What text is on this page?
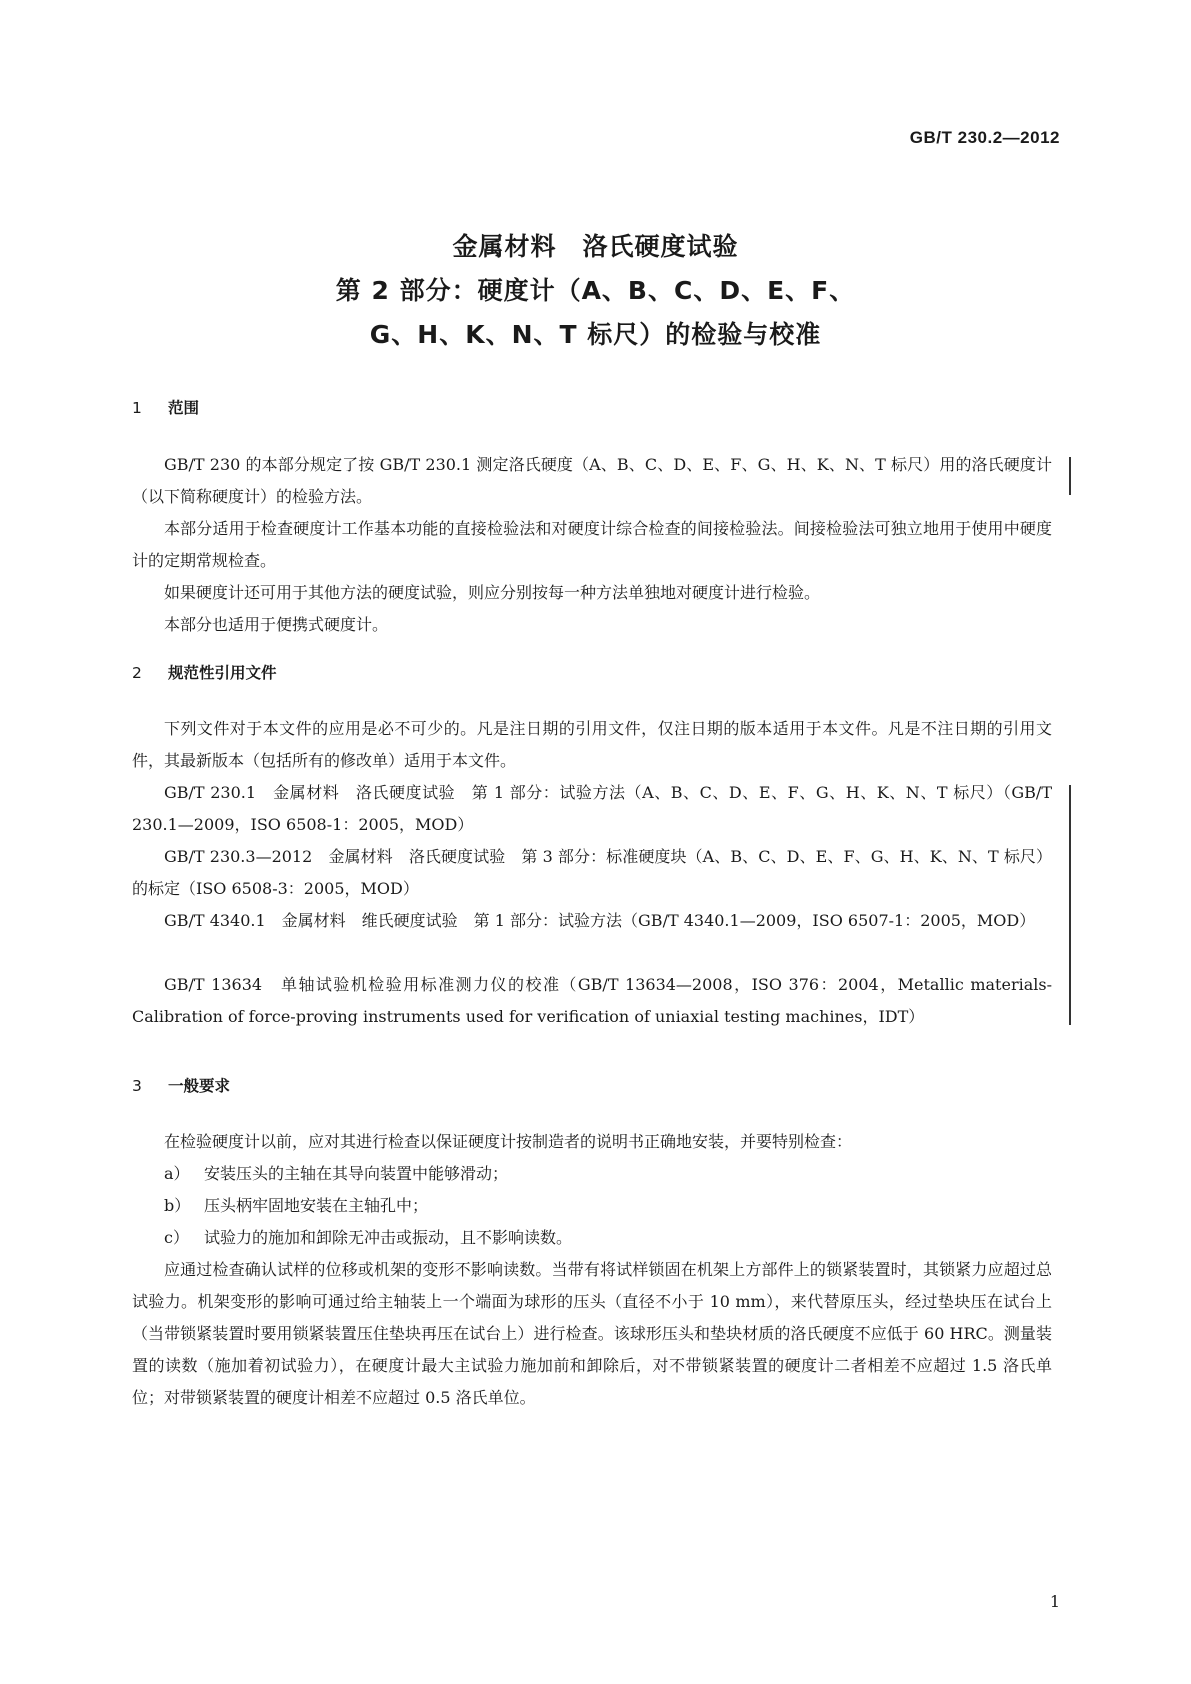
GB/T 230.2—2012
金属材料　洛氏硬度试验
第 2 部分：硬度计（A、B、C、D、E、F、
G、H、K、N、T 标尺）的检验与校准
1 范围
GB/T 230 的本部分规定了按 GB/T 230.1 测定洛氏硬度（A、B、C、D、E、F、G、H、K、N、T 标尺）用的洛氏硬度计（以下简称硬度计）的检验方法。
本部分适用于检查硬度计工作基本功能的直接检验法和对硬度计综合检查的间接检验法。间接检验法可独立地用于使用中硬度计的定期常规检查。
如果硬度计还可用于其他方法的硬度试验，则应分别按每一种方法单独地对硬度计进行检验。
本部分也适用于便携式硬度计。
2 规范性引用文件
下列文件对于本文件的应用是必不可少的。凡是注日期的引用文件，仅注日期的版本适用于本文件。凡是不注日期的引用文件，其最新版本（包括所有的修改单）适用于本文件。
GB/T 230.1　金属材料　洛氏硬度试验　第 1 部分：试验方法（A、B、C、D、E、F、G、H、K、N、T 标尺）（GB/T 230.1—2009，ISO 6508-1：2005，MOD）
GB/T 230.3—2012　金属材料　洛氏硬度试验　第 3 部分：标准硬度块（A、B、C、D、E、F、G、H、K、N、T 标尺）的标定（ISO 6508-3：2005，MOD）
GB/T 4340.1　金属材料　维氏硬度试验　第 1 部分：试验方法（GB/T 4340.1—2009，ISO 6507-1：2005，MOD）
GB/T 13634　单轴试验机检验用标准测力仪的校准（GB/T 13634—2008，ISO 376：2004，Metallic materials-Calibration of force-proving instruments used for verification of uniaxial testing machines，IDT）
3 一般要求
在检验硬度计以前，应对其进行检查以保证硬度计按制造者的说明书正确地安装，并要特别检查：
a） 安装压头的主轴在其导向装置中能够滑动；
b） 压头柄牢固地安装在主轴孔中；
c） 试验力的施加和卸除无冲击或振动，且不影响读数。
应通过检查确认试样的位移或机架的变形不影响读数。当带有将试样锁固在机架上方部件上的锁紧装置时，其锁紧力应超过总试验力。机架变形的影响可通过给主轴装上一个端面为球形的压头（直径不小于 10 mm），来代替原压头，经过垫块压在试台上（当带锁紧装置时要用锁紧装置压住垫块再压在试台上）进行检查。该球形压头和垫块材质的洛氏硬度不应低于 60 HRC。测量装置的读数（施加着初试验力），在硬度计最大主试验力施加前和卸除后，对不带锁紧装置的硬度计二者相差不应超过 1.5 洛氏单位；对带锁紧装置的硬度计相差不应超过 0.5 洛氏单位。
1
